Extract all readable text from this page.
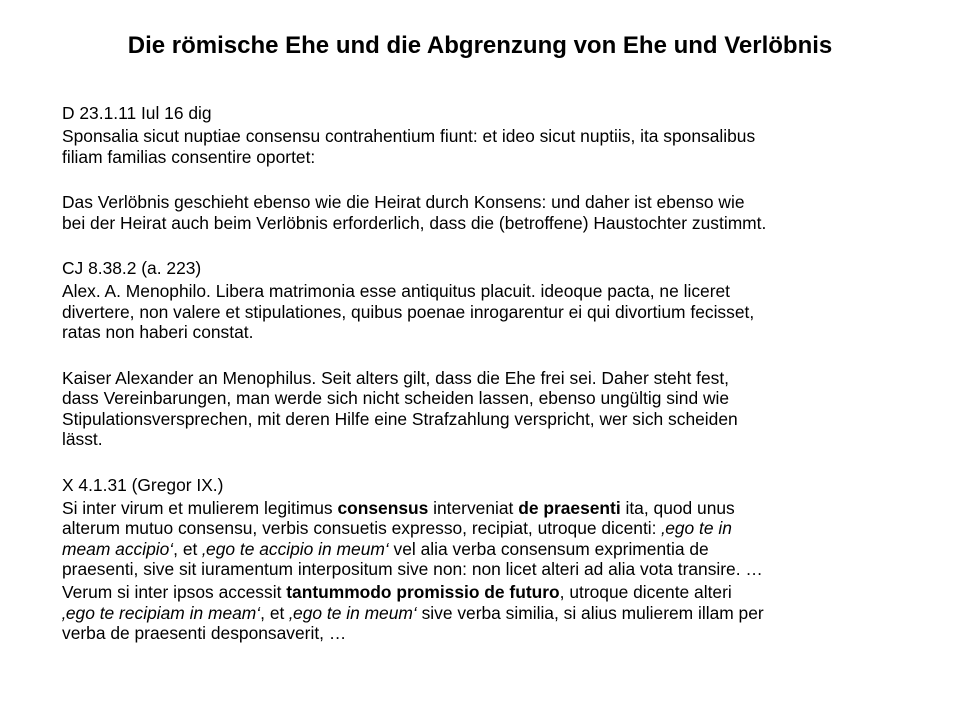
Die römische Ehe und die Abgrenzung von Ehe und Verlöbnis

D 23.1.11 Iul 16 dig

Sponsalia sicut nuptiae consensu contrahentium fiunt: et ideo sicut nuptiis, ita sponsalibus

filiam familias consentire oportet:

Das Verlöbnis geschieht ebenso wie die Heirat durch Konsens: und daher ist ebenso wie

bei der Heirat auch beim Verlöbnis erforderlich, dass die (betroffene) Haustochter zustimmt.

CJ 8.38.2 (a. 223)

Alex. A. Menophilo. Libera matrimonia esse antiquitus placuit. ideoque pacta, ne liceret

divertere, non valere et stipulationes, quibus poenae inrogarentur ei qui divortium fecisset,

ratas non haberi constat.

Kaiser Alexander an Menophilus. Seit alters gilt, dass die Ehe frei sei. Daher steht fest,

dass Vereinbarungen, man werde sich nicht scheiden lassen, ebenso ungültig sind wie

Stipulationsversprechen, mit deren Hilfe eine Strafzahlung verspricht, wer sich scheiden

lässt.

X 4.1.31 (Gregor IX.)

Si inter virum et mulierem legitimus consensus interveniat de praesenti ita, quod unus

alterum mutuo consensu, verbis consuetis expresso, recipiat, utroque dicenti: ‚ego te in

meam accipio‘, et ‚ego te accipio in meum‘ vel alia verba consensum exprimentia de

praesenti, sive sit iuramentum interpositum sive non: non licet alteri ad alia vota transire. …

Verum si inter ipsos accessit tantummodo promissio de futuro, utroque dicente alteri

‚ego te recipiam in meam‘, et ‚ego te in meum‘ sive verba similia, si alius mulierem illam per

verba de praesenti desponsaverit, …
